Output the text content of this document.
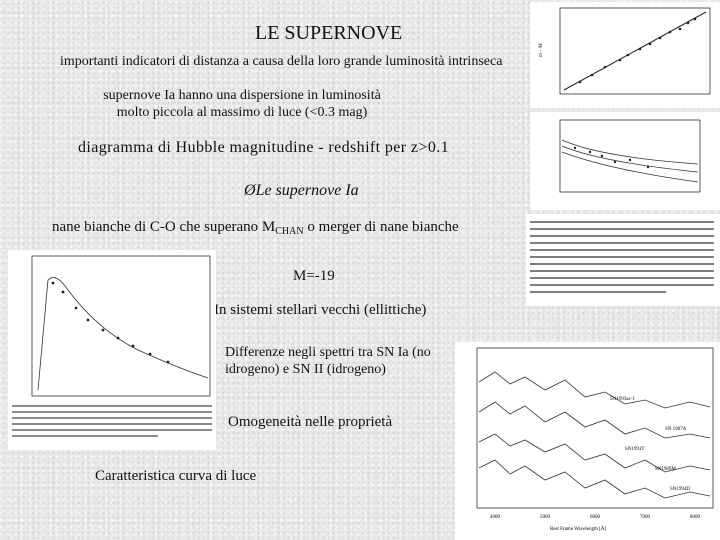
LE SUPERNOVE
importanti indicatori di distanza a causa della loro grande luminosità intrinseca
supernove Ia hanno una dispersione in luminosità molto piccola al massimo di luce (<0.3 mag)
diagramma di Hubble magnitudine - redshift per z>0.1
ØLe supernove Ia
nane bianche di C-O che superano $M_{CHAN}$ o merger di nane bianche
M=-19
In sistemi stellari vecchi (ellittiche)
Differenze negli spettri tra SN Ia (no idrogeno) e SN II (idrogeno)
Omogeneità nelle proprietà
Caratteristica curva di luce
m − M
SN1993ac-1
SN 1987A
SN1991T
SN1989M
SN1994D
4000	5000	6000	7000	8000
Rest Frame Wavelength [Å]
